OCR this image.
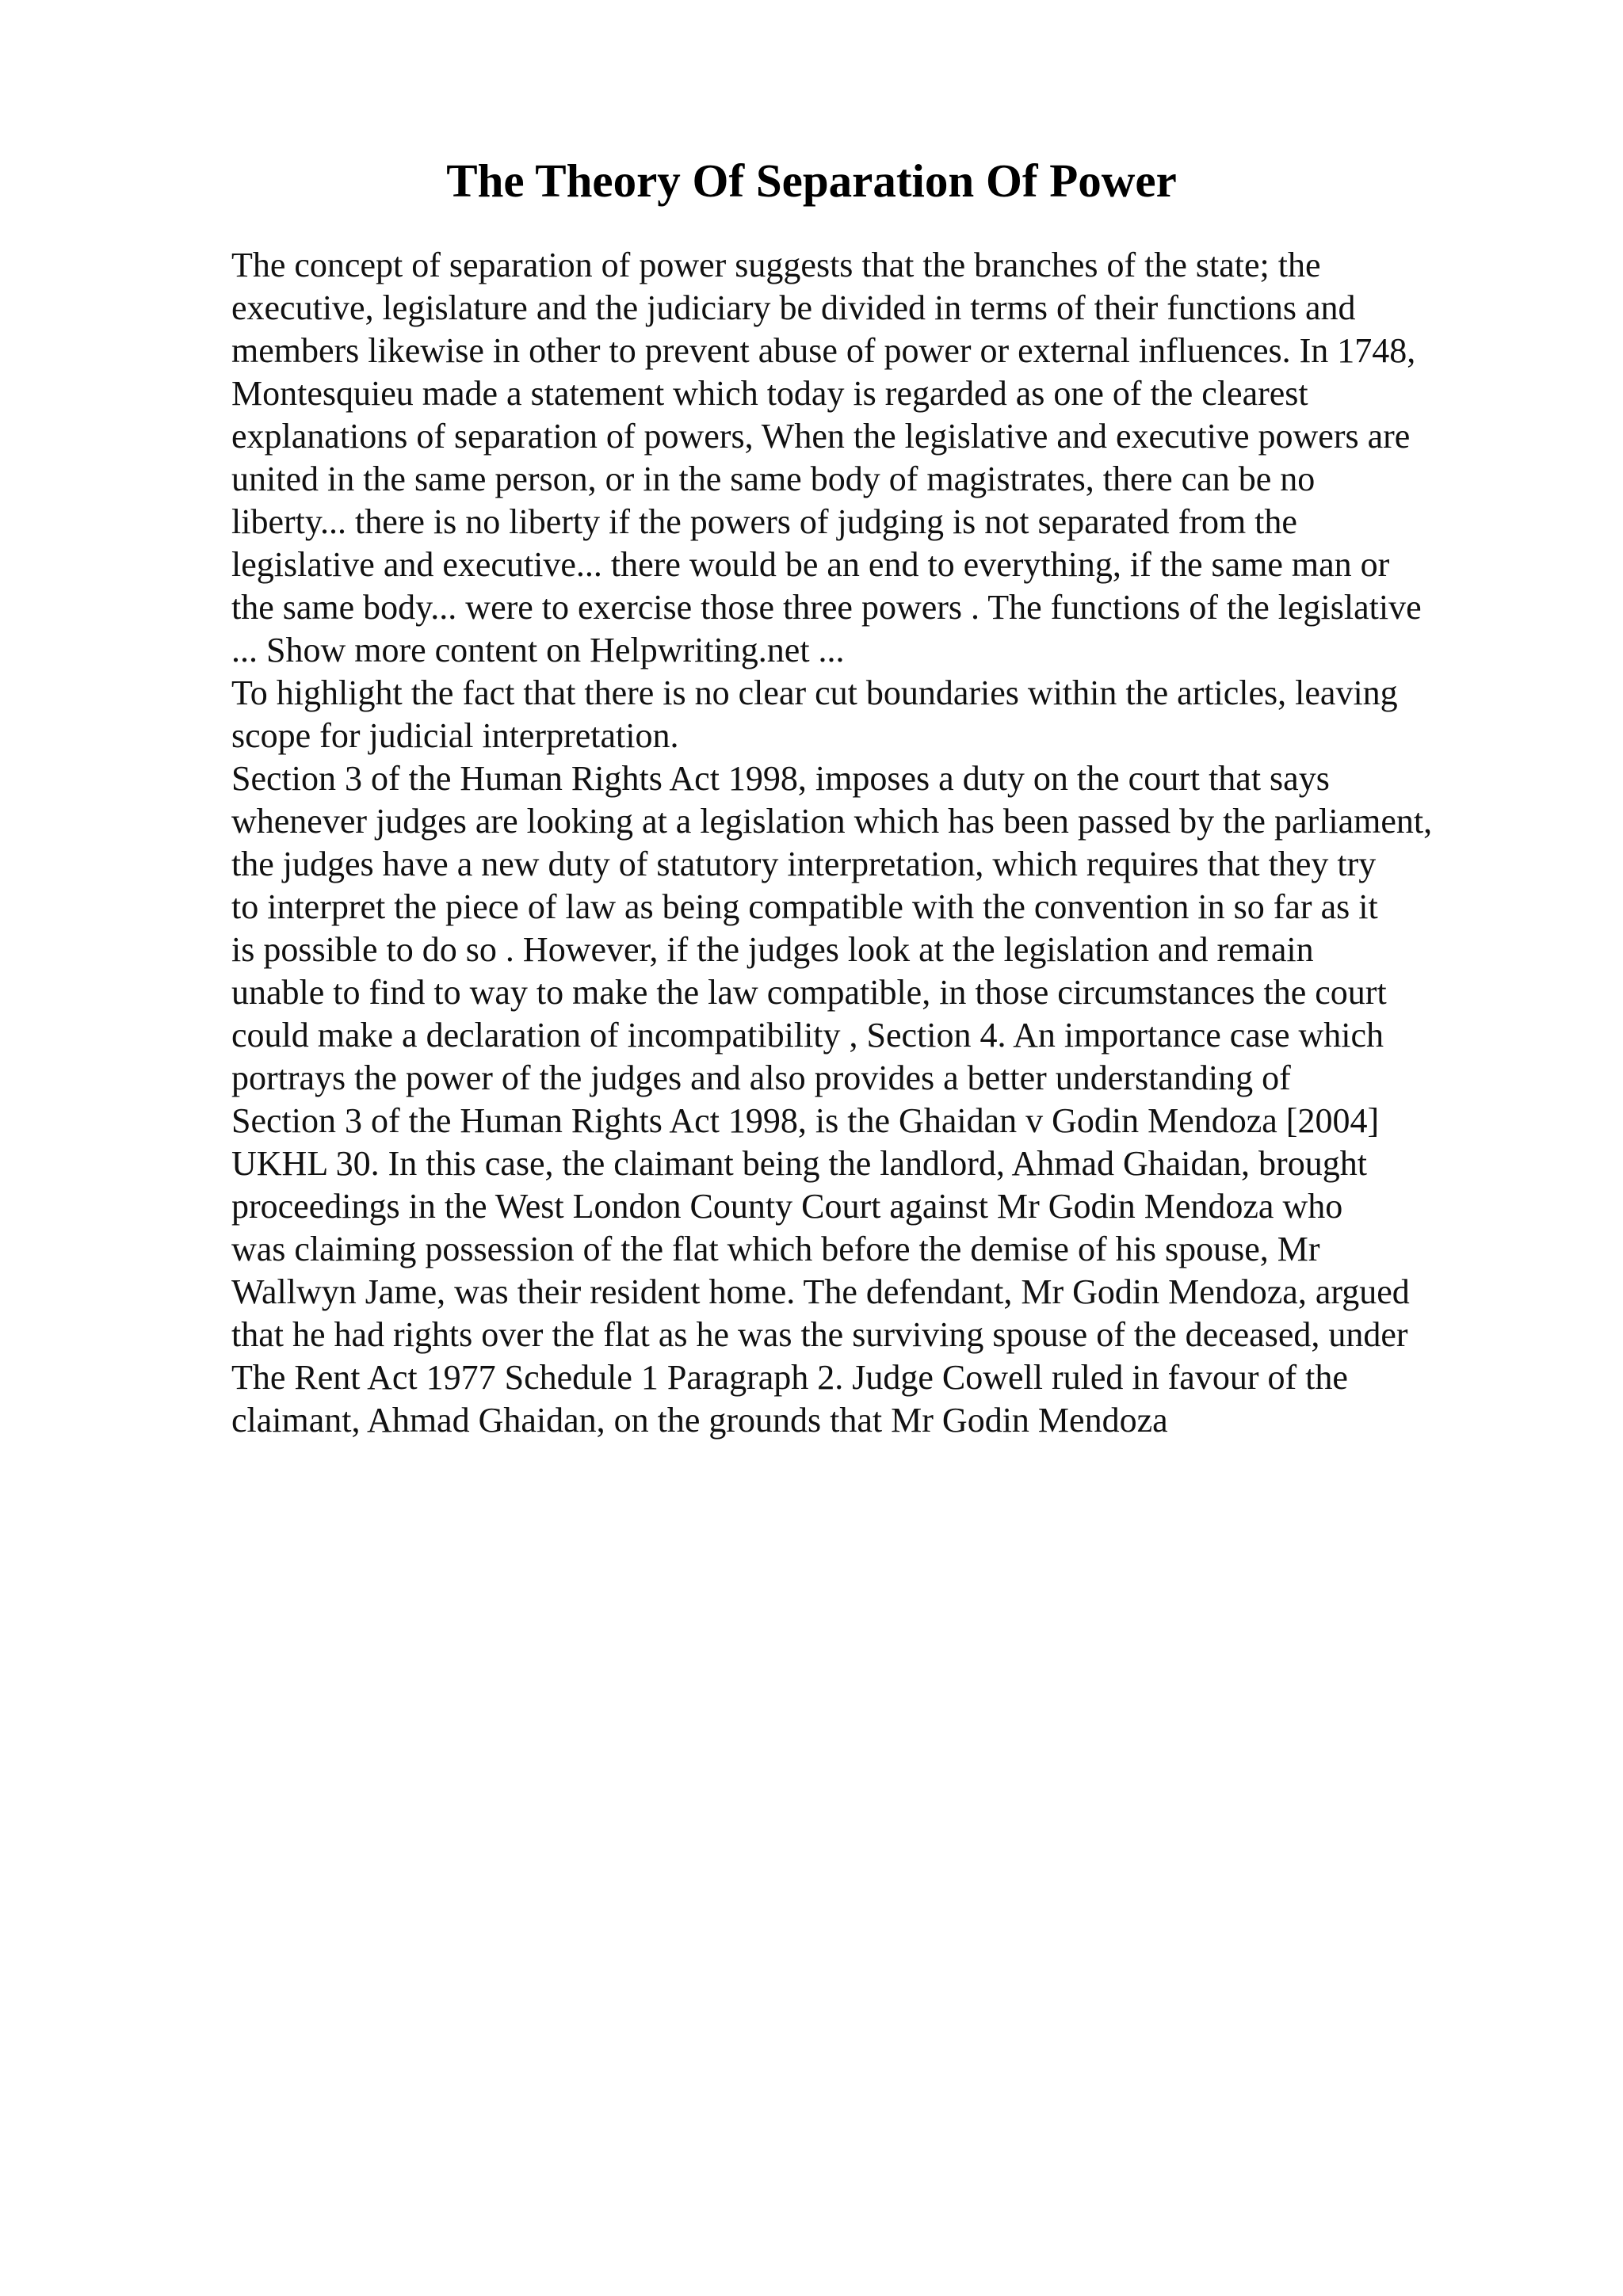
The Theory Of Separation Of Power
The concept of separation of power suggests that the branches of the state; the
executive, legislature and the judiciary be divided in terms of their functions and
members likewise in other to prevent abuse of power or external influences. In 1748,
Montesquieu made a statement which today is regarded as one of the clearest
explanations of separation of powers, When the legislative and executive powers are
united in the same person, or in the same body of magistrates, there can be no
liberty... there is no liberty if the powers of judging is not separated from the
legislative and executive... there would be an end to everything, if the same man or
the same body... were to exercise those three powers . The functions of the legislative
... Show more content on Helpwriting.net ...
To highlight the fact that there is no clear cut boundaries within the articles, leaving
scope for judicial interpretation.
Section 3 of the Human Rights Act 1998, imposes a duty on the court that says
whenever judges are looking at a legislation which has been passed by the parliament,
the judges have a new duty of statutory interpretation, which requires that they try
to interpret the piece of law as being compatible with the convention in so far as it
is possible to do so . However, if the judges look at the legislation and remain
unable to find to way to make the law compatible, in those circumstances the court
could make a declaration of incompatibility , Section 4. An importance case which
portrays the power of the judges and also provides a better understanding of
Section 3 of the Human Rights Act 1998, is the Ghaidan v Godin Mendoza [2004]
UKHL 30. In this case, the claimant being the landlord, Ahmad Ghaidan, brought
proceedings in the West London County Court against Mr Godin Mendoza who
was claiming possession of the flat which before the demise of his spouse, Mr
Wallwyn Jame, was their resident home. The defendant, Mr Godin Mendoza, argued
that he had rights over the flat as he was the surviving spouse of the deceased, under
The Rent Act 1977 Schedule 1 Paragraph 2. Judge Cowell ruled in favour of the
claimant, Ahmad Ghaidan, on the grounds that Mr Godin Mendoza
